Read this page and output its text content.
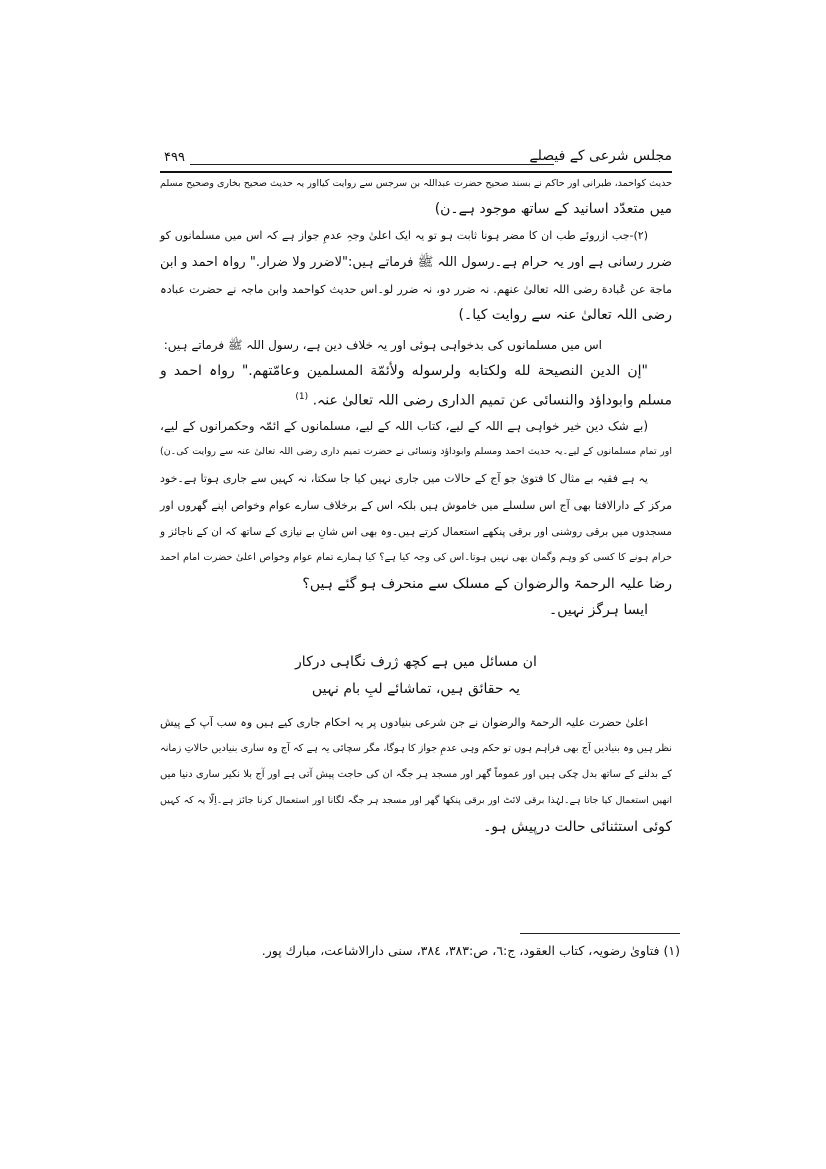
مجلس شرعی کے فیصلے
۴۹۹
حدیث کواحمد، طبرانی اور حاکم نے بسند صحیح حضرت عبداللہ بن سرجس سے روایت کیااور یہ حدیث صحیح بخاری وصحیح مسلم
میں متعدّد اسانید کے ساتھ موجود ہے۔ن)
(۲)-جب ازروئے طب ان کا مضر ہونا ثابت ہو تو یہ ایک اعلیٰ وجہِ عدمِ جواز ہے کہ اس میں مسلمانوں کو
ضرر رسانی ہے اور یہ حرام ہے۔رسول اللہ ﷺ فرماتے ہیں:"لاضرر ولا ضرار." رواہ احمد و ابن
ماجة عن عُبادة رضی اللہ تعالیٰ عنھم. نہ ضرر دو، نہ ضرر لو۔اس حدیث کواحمد وابن ماجہ نے حضرت عبادہ
رضی اللہ تعالیٰ عنہ سے روایت کیا۔)
اس میں مسلمانوں کی بدخواہی ہوئی اور یہ خلاف دین ہے، رسول اللہ ﷺ فرماتے ہیں:
"إن الدين النصيحة لله ولكتابه ولرسوله ولأئمّة المسلمين وعامّتهم." رواہ احمد و
مسلم وابوداؤد والنسائی عن تمیم الداری رضی اللہ تعالیٰ عنہ. $^{(1)}$
(بے شک دین خیر خواہی ہے اللہ کے لیے، کتاب اللہ کے لیے، مسلمانوں کے ائمّہ وحکمرانوں کے لیے،
اور تمام مسلمانوں کے لیے۔یہ حدیث احمد ومسلم وابوداؤد ونسائی نے حضرت تمیم داری رضی اللہ تعالیٰ عنہ سے روایت کی۔ن)
یہ ہے فقیہ بے مثال کا فتویٰ جو آج کے حالات میں جاری نہیں کیا جا سکتا، نہ کہیں سے جاری ہوتا ہے۔خود
مرکز کے دارالافتا بھی آج اس سلسلے میں خاموش ہیں بلکہ اس کے برخلاف سارے عوام وخواص اپنے گھروں اور
مسجدوں میں برقی روشنی اور برقی پنکھے استعمال کرتے ہیں۔وہ بھی اس شانِ بے نیازی کے ساتھ کہ ان کے ناجائز و
حرام ہونے کا کسی کو وہم وگمان بھی نہیں ہوتا۔اس کی وجہ کیا ہے؟ کیا ہمارے تمام عوام وخواص اعلیٰ حضرت امام احمد
رضا علیہ الرحمۃ والرضوان کے مسلک سے منحرف ہو گئے ہیں؟
ایسا ہرگز نہیں۔
ان مسائل میں ہے کچھ ژرف نگاہی درکار
یہ حقائق ہیں، تماشائے لبِ بام نہیں
اعلیٰ حضرت علیہ الرحمۃ والرضوان نے جن شرعی بنیادوں پر یہ احکام جاری کیے ہیں وہ سب آپ کے پیش
نظر ہیں وہ بنیادیں آج بھی فراہم ہوں تو حکم وہی عدمِ جواز کا ہوگا، مگر سچائی یہ ہے کہ آج وہ ساری بنیادیں حالاتِ زمانہ
کے بدلنے کے ساتھ بدل چکی ہیں اور عموماً گھر اور مسجد ہر جگہ ان کی حاجت پیش آتی ہے اور آج بلا نکیر ساری دنیا میں
انھیں استعمال کیا جاتا ہے۔لہٰذا برقی لائٹ اور برقی پنکھا گھر اور مسجد ہر جگہ لگانا اور استعمال کرنا جائز ہے۔اِلّا یہ کہ کہیں
کوئی استثنائی حالت درپیش ہو۔
(۱) فتاویٰ رضویہ، کتاب العقود، ج:٦، ص:٣٨٣، ٣٨٤، سنی دارالاشاعت، مبارك پور.
